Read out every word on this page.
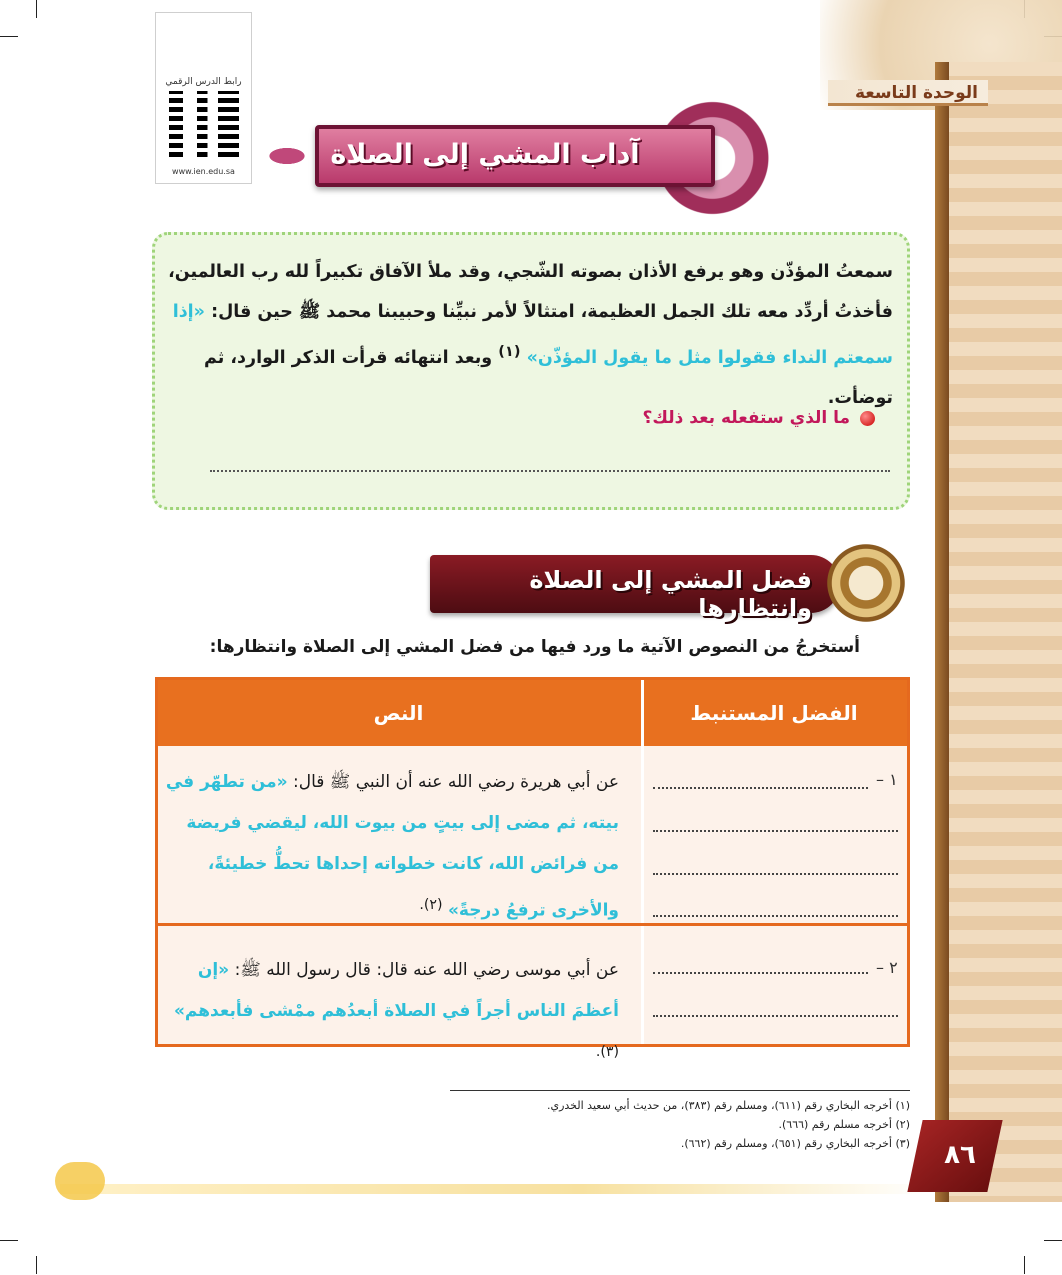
الوحدة التاسعة
رابط الدرس الرقمي
www.ien.edu.sa
آداب المشي إلى الصلاة
سمعتُ المؤذّن وهو يرفع الأذان بصوته الشّجي، وقد ملأ الآفاق تكبيراً لله رب العالمين، فأخذتُ أردِّد معه تلك الجمل العظيمة، امتثالاً لأمر نبيِّنا وحبيبنا محمد ﷺ حين قال: «إذا سمعتم النداء فقولوا مثل ما يقول المؤذّن» $^{(١)}$ وبعد انتهائه قرأت الذكر الوارد، ثم توضأت.
ما الذي ستفعله بعد ذلك؟
فضل المشي إلى الصلاة وانتظارها
أستخرجُ من النصوص الآتية ما ورد فيها من فضل المشي إلى الصلاة وانتظارها:
الفضل المستنبط
النص
عن أبي هريرة رضي الله عنه أن النبي ﷺ قال: «من تطهّر في بيته، ثم مضى إلى بيتٍ من بيوت الله، ليقضي فريضة من فرائض الله، كانت خطواته إحداها تحطُّ خطيئةً، والأخرى ترفعُ درجةً» $^{(٢).}$
١ –
عن أبي موسى رضي الله عنه قال: قال رسول الله ﷺ: «إن أعظمَ الناس أجراً في الصلاة أبعدُهم ممْشى فأبعدهم» $^{(٣).}$
٢ –
(١) أخرجه البخاري رقم (٦١١)، ومسلم رقم (٣٨٣)، من حديث أبي سعيد الخدري.
(٢) أخرجه مسلم رقم (٦٦٦).
(٣) أخرجه البخاري رقم (٦٥١)، ومسلم رقم (٦٦٢).	٨٦
